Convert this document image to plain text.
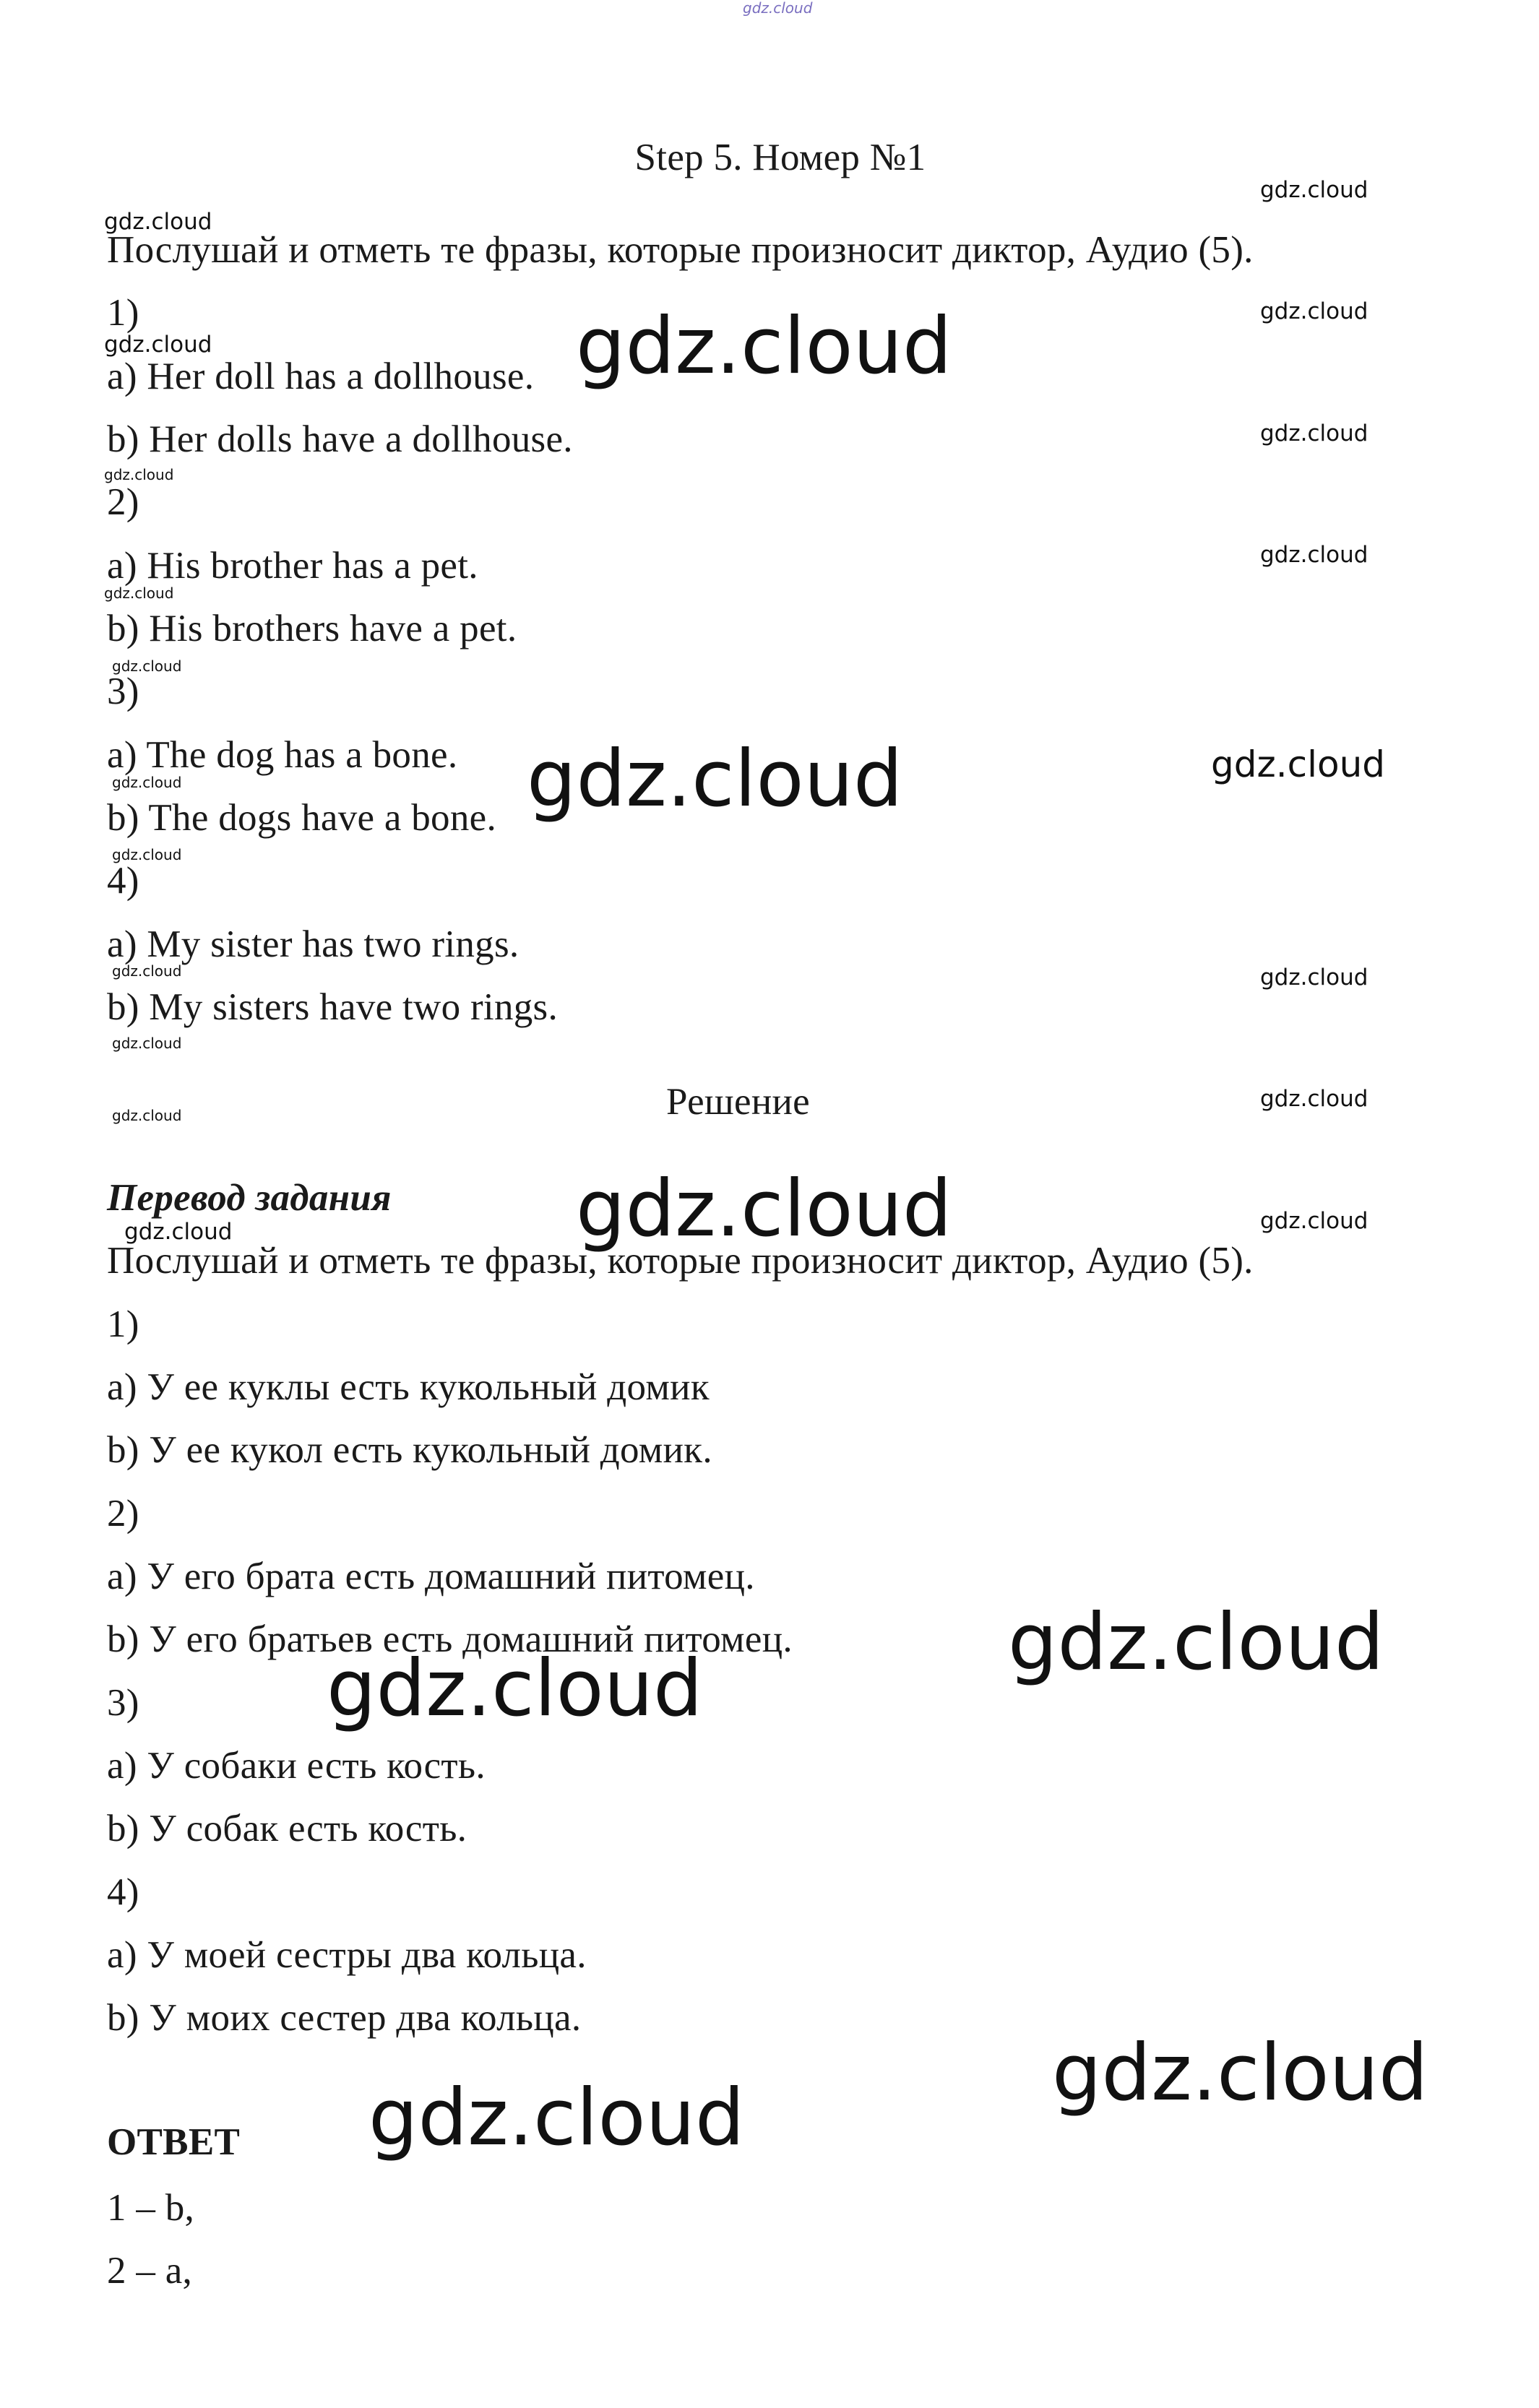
gdz.cloud
Step 5. Номер №1
Послушай и отметь те фразы, которые произносит диктор, Аудио (5).
1)
a) Her doll has a dollhouse.
b) Her dolls have a dollhouse.
2)
a) His brother has a pet.
b) His brothers have a pet.
3)
a) The dog has a bone.
b) The dogs have a bone.
4)
a) My sister has two rings.
b) My sisters have two rings.
Решение
Перевод задания
Послушай и отметь те фразы, которые произносит диктор, Аудио (5).
1)
a) У ее куклы есть кукольный домик
b) У ее кукол есть кукольный домик.
2)
a) У его брата есть домашний питомец.
b) У его братьев есть домашний питомец.
3)
a) У собаки есть кость.
b) У собак есть кость.
4)
a) У моей сестры два кольца.
b) У моих сестер два кольца.
ОТВЕТ
1 – b,
2 – a,
gdz.cloud
gdz.cloud
gdz.cloud
gdz.cloud
gdz.cloud
gdz.cloud
gdz.cloud
gdz.cloud
gdz.cloud
gdz.cloud
gdz.cloud
gdz.cloud
gdz.cloud
gdz.cloud
gdz.cloud
gdz.cloud
gdz.cloud
gdz.cloud
gdz.cloud
gdz.cloud
gdz.cloud
gdz.cloud
gdz.cloud
gdz.cloud
gdz.cloud
gdz.cloud
